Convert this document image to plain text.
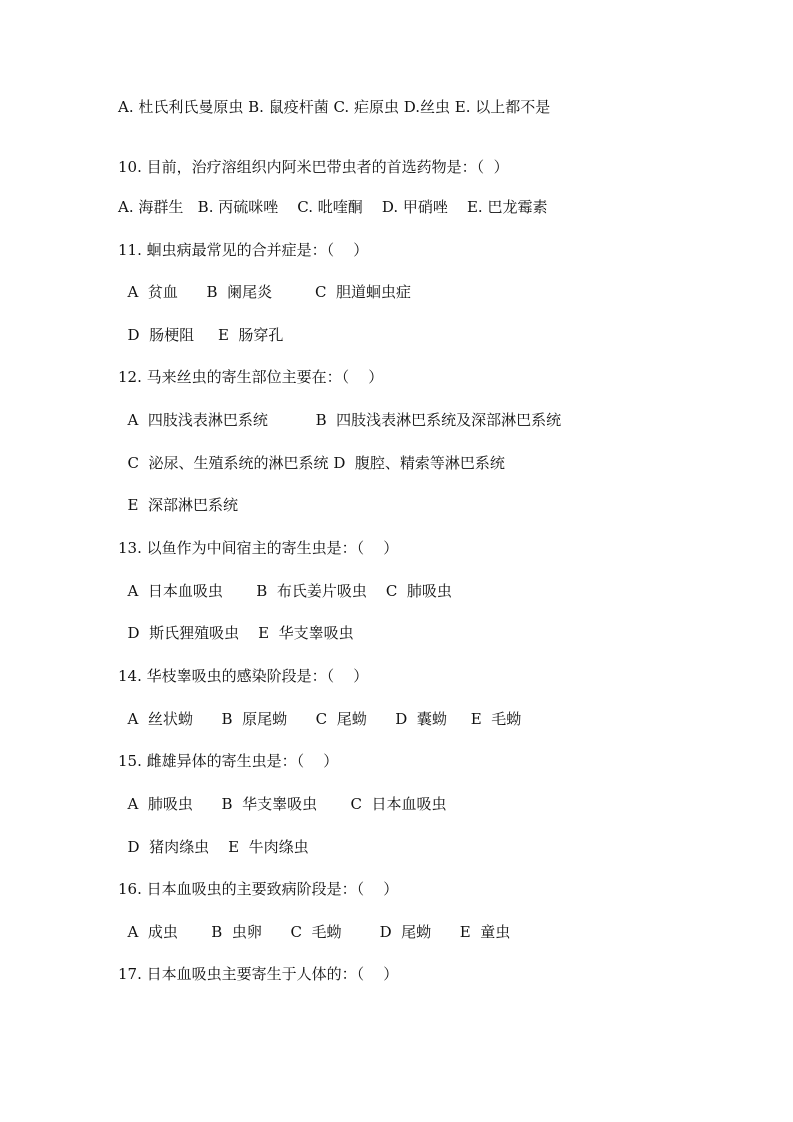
A. 杜氏利氏曼原虫 B. 鼠疫杆菌 C. 疟原虫 D.丝虫 E. 以上都不是
10. 目前，治疗溶组织内阿米巴带虫者的首选药物是：（  ）
A. 海群生   B. 丙硫咪唑    C. 吡喹酮    D. 甲硝唑    E. 巴龙霉素
11. 蛔虫病最常见的合并症是：（    ）
A  贫血      B  阑尾炎         C  胆道蛔虫症
D  肠梗阻     E  肠穿孔
12. 马来丝虫的寄生部位主要在：（    ）
A  四肢浅表淋巴系统          B  四肢浅表淋巴系统及深部淋巴系统
C  泌尿、生殖系统的淋巴系统 D  腹腔、精索等淋巴系统
E  深部淋巴系统
13. 以鱼作为中间宿主的寄生虫是：（    ）
A  日本血吸虫       B  布氏姜片吸虫    C  肺吸虫
D  斯氏狸殖吸虫    E  华支睾吸虫
14. 华枝睾吸虫的感染阶段是：（    ）
A  丝状蚴      B  原尾蚴      C  尾蚴      D  囊蚴     E  毛蚴
15. 雌雄异体的寄生虫是：（    ）
A  肺吸虫      B  华支睾吸虫       C  日本血吸虫
D  猪肉绦虫    E  牛肉绦虫
16. 日本血吸虫的主要致病阶段是：（    ）
A  成虫       B  虫卵      C  毛蚴        D  尾蚴      E  童虫
17. 日本血吸虫主要寄生于人体的：（    ）
